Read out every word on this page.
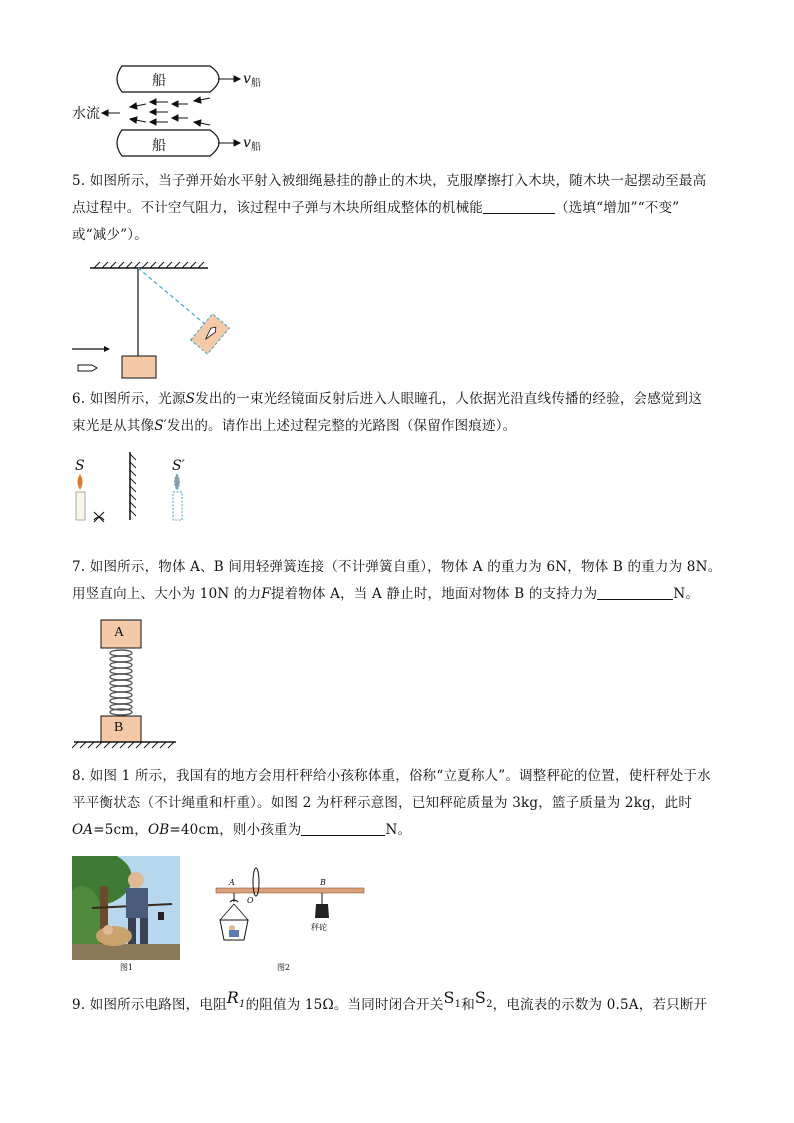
船
船
$v_船$
$v_船$
水流
5. 如图所示，当子弹开始水平射入被细绳悬挂的静止的木块，克服摩擦打入木块，随木块一起摆动至最高
点过程中。不计空气阻力，该过程中子弹与木块所组成整体的机械能	（选填“增加”“不变”
或“减少”）。
6. 如图所示，光源S发出的一束光经镜面反射后进入人眼瞳孔，人依据光沿直线传播的经验，会感觉到这
束光是从其像S′发出的。请作出上述过程完整的光路图（保留作图痕迹）。
S	S′
7. 如图所示，物体 A、B 间用轻弹簧连接（不计弹簧自重），物体 A 的重力为 6N，物体 B 的重力为 8N。
用竖直向上、大小为 10N 的力F提着物体 A，当 A 静止时，地面对物体 B 的支持力为	N。
A
B
8. 如图 1 所示，我国有的地方会用杆秤给小孩称体重，俗称“立夏称人”。调整秤砣的位置，使杆秤处于水
平平衡状态（不计绳重和杆重）。如图 2 为杆秤示意图，已知秤砣质量为 3kg，篮子质量为 2kg，此时
OA=5cm，OB=40cm，则小孩重为	N。
图1
A
O
B
秤砣
图2
9. 如图所示电路图，电阻$R_1$的阻值为 15Ω。当同时闭合开关$S_1$和$S_2$，电流表的示数为 0.5A，若只断开
